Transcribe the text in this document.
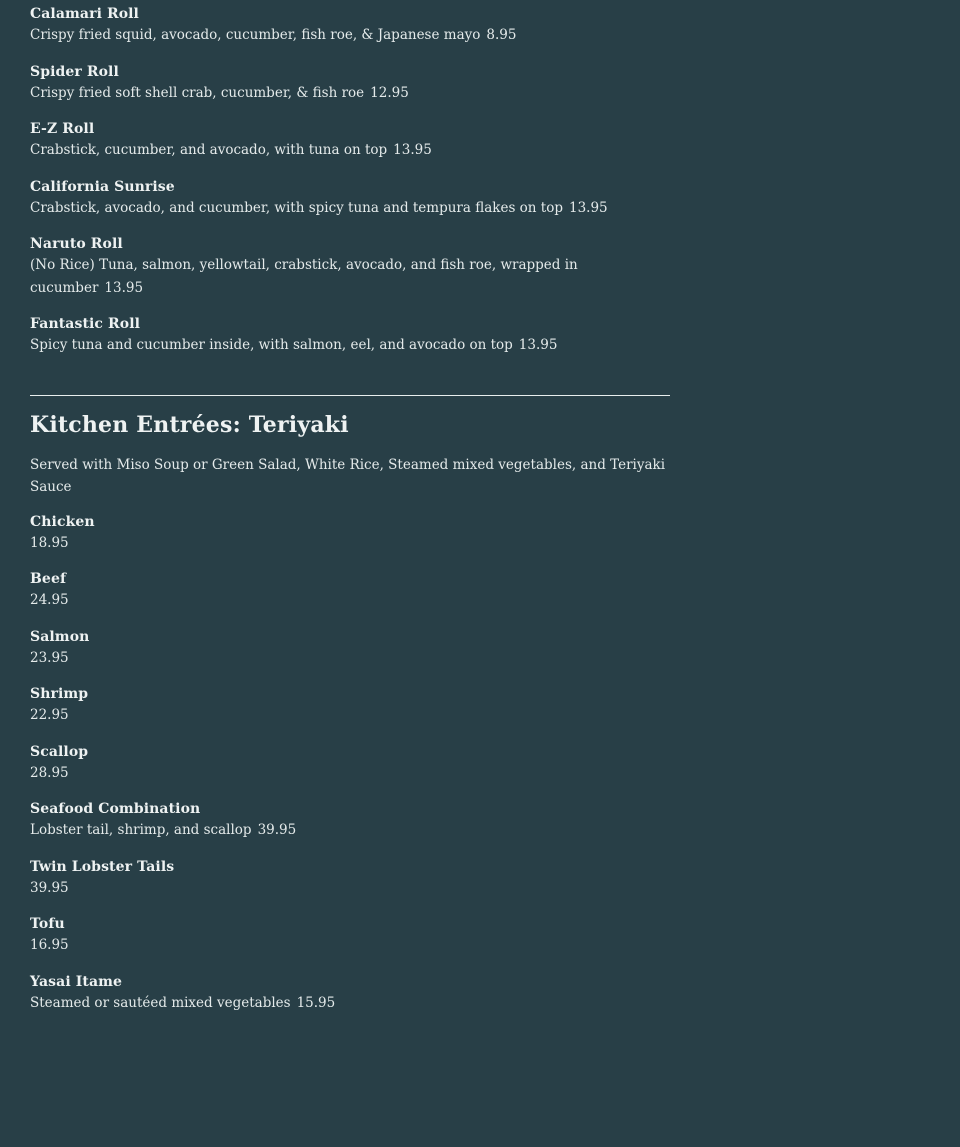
Calamari Roll
Crispy fried squid, avocado, cucumber, fish roe, & Japanese mayo 8.95
Spider Roll
Crispy fried soft shell crab, cucumber, & fish roe 12.95
E-Z Roll
Crabstick, cucumber, and avocado, with tuna on top 13.95
California Sunrise
Crabstick, avocado, and cucumber, with spicy tuna and tempura flakes on top 13.95
Naruto Roll
(No Rice) Tuna, salmon, yellowtail, crabstick, avocado, and fish roe, wrapped in cucumber 13.95
Fantastic Roll
Spicy tuna and cucumber inside, with salmon, eel, and avocado on top 13.95
Kitchen Entrées: Teriyaki

Served with Miso Soup or Green Salad, White Rice, Steamed mixed vegetables, and Teriyaki Sauce

Chicken
18.95
Beef
24.95
Salmon
23.95
Shrimp
22.95
Scallop
28.95
Seafood Combination
Lobster tail, shrimp, and scallop 39.95
Twin Lobster Tails
39.95
Tofu
16.95
Yasai Itame
Steamed or sautéed mixed vegetables 15.95
